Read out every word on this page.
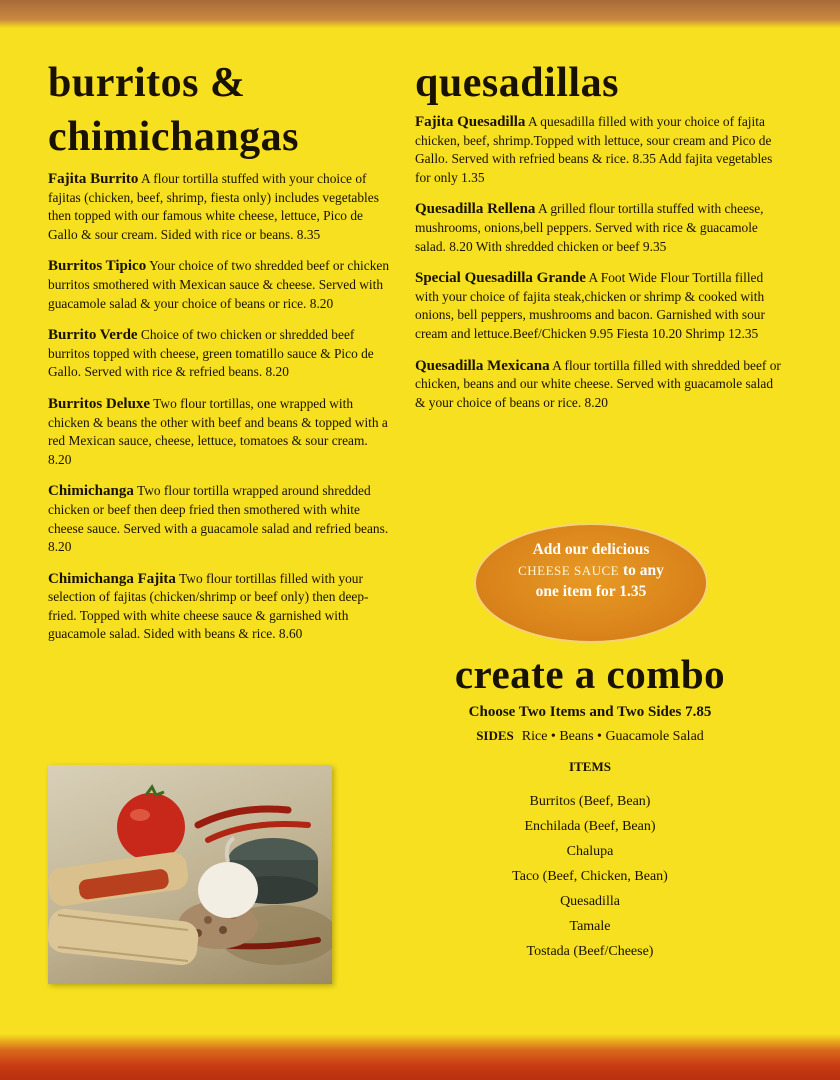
burritos &
chimichangas
Fajita Burrito A flour tortilla stuffed with your choice of fajitas (chicken, beef, shrimp, fiesta only) includes vegetables then topped with our famous white cheese, lettuce, Pico de Gallo & sour cream. Sided with rice or beans. 8.35
Burritos Tipico Your choice of two shredded beef or chicken burritos smothered with Mexican sauce & cheese. Served with guacamole salad & your choice of beans or rice. 8.20
Burrito Verde Choice of two chicken or shredded beef burritos topped with cheese, green tomatillo sauce & Pico de Gallo. Served with rice & refried beans. 8.20
Burritos Deluxe Two flour tortillas, one wrapped with chicken & beans the other with beef and beans & topped with a red Mexican sauce, cheese, lettuce, tomatoes & sour cream. 8.20
Chimichanga Two flour tortilla wrapped around shredded chicken or beef then deep fried then smothered with white cheese sauce. Served with a guacamole salad and refried beans. 8.20
Chimichanga Fajita Two flour tortillas filled with your selection of fajitas (chicken/shrimp or beef only) then deep-fried. Topped with white cheese sauce & garnished with guacamole salad. Sided with beans & rice. 8.60
quesadillas
Fajita Quesadilla A quesadilla filled with your choice of fajita chicken, beef, shrimp.Topped with lettuce, sour cream and Pico de Gallo. Served with refried beans & rice. 8.35 Add fajita vegetables for only 1.35
Quesadilla Rellena A grilled flour tortilla stuffed with cheese, mushrooms, onions,bell peppers. Served with rice & guacamole salad. 8.20 With shredded chicken or beef 9.35
Special Quesadilla Grande A Foot Wide Flour Tortilla filled with your choice of fajita steak,chicken or shrimp & cooked with onions, bell peppers, mushrooms and bacon. Garnished with sour cream and lettuce.Beef/Chicken 9.95 Fiesta 10.20 Shrimp 12.35
Quesadilla Mexicana A flour tortilla filled with shredded beef or chicken, beans and our white cheese. Served with guacamole salad & your choice of beans or rice. 8.20
Add our delicious
CHEESE SAUCE to any
one item for 1.35
create a combo
Choose Two Items and Two Sides 7.85
SIDES Rice • Beans • Guacamole Salad
ITEMS
Burritos (Beef, Bean)
Enchilada (Beef, Bean)
Chalupa
Taco (Beef, Chicken, Bean)
Quesadilla
Tamale
Tostada (Beef/Cheese)
